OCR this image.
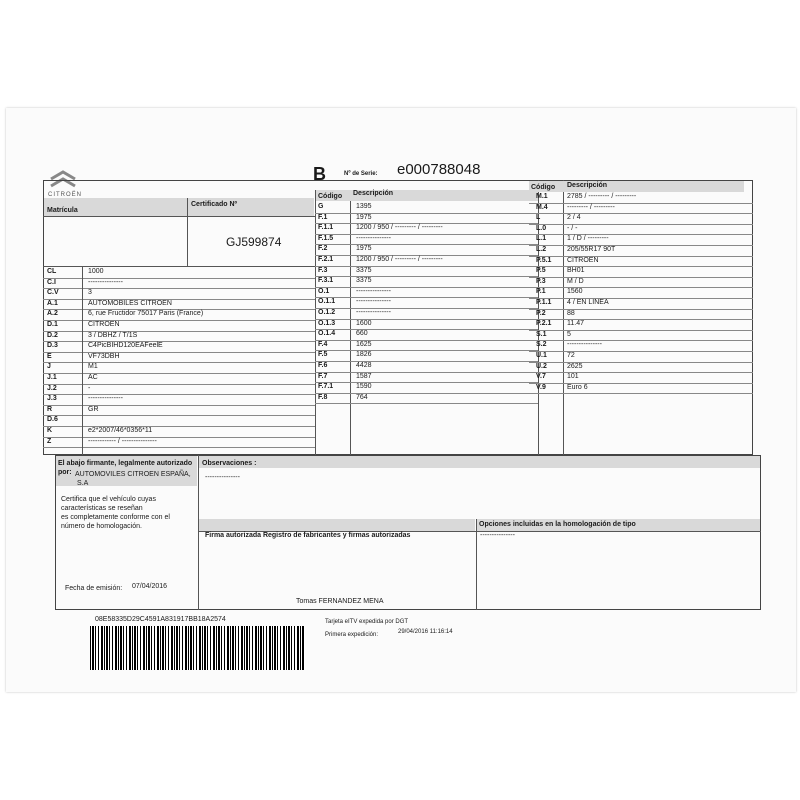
CITROËN
B	Nº de Serie: e000788048
Matrícula
Certificado Nº
GJ599874
CL	1000
C.I	---------------
C.V	3
A.1	AUTOMOBILES CITROEN
A.2	6, rue Fructidor 75017 Paris (France)
D.1	CITROEN
D.2	3 / DBHZ / T/1S
D.3	C4PicBIHD120EAFeelE
E	VF73DBH
J	M1
J.1	AC
J.2	-
J.3	---------------
R	GR
D.6
K	e2*2007/46*0356*11
Z	------------ / ---------------
Código Descripción
G	1395
F.1	1975
F.1.1	1200 / 950 / --------- / ---------
F.1.5	---------------
F.2	1975
F.2.1	1200 / 950 / --------- / ---------
F.3	3375
F.3.1	3375
O.1	---------------
O.1.1	---------------
O.1.2	---------------
O.1.3	1600
O.1.4	660
F.4	1625
F.5	1826
F.6	4428
F.7	1587
F.7.1	1590
F.8	764
Código Descripción
M.1	2785 / --------- / ---------
M.4	--------- / ---------
L	2 / 4
L.0	- / -
L.1	1 / D / ---------
L.2	205/55R17 90T
P.5.1 CITROEN
P.5	BH01
P.3	M / D
P.1	1560
P.1.1 4 / EN LINEA
P.2	88
P.2.1 11.47
S.1	5
S.2	---------------
U.1	72
U.2	2625
V.7	101
V.9	Euro 6
El abajo firmante, legalmente autorizado
por: AUTOMOVILES CITROEN ESPAÑA,
S.A
Certifica que el vehículo cuyas
características se reseñan
es completamente conforme con el
número de homologación.
Fecha de emisión: 07/04/2016
Observaciones :
---------------
Firma autorizada Registro de fabricantes y firmas autorizadas
Opciones incluidas en la homologación de tipo
---------------
Tomas FERNANDEZ MENA
08E58335D29C4591A831917BB18A2574	Tarjeta eITV expedida por DGT
Primera expedición:	29/04/2016 11:16:14
